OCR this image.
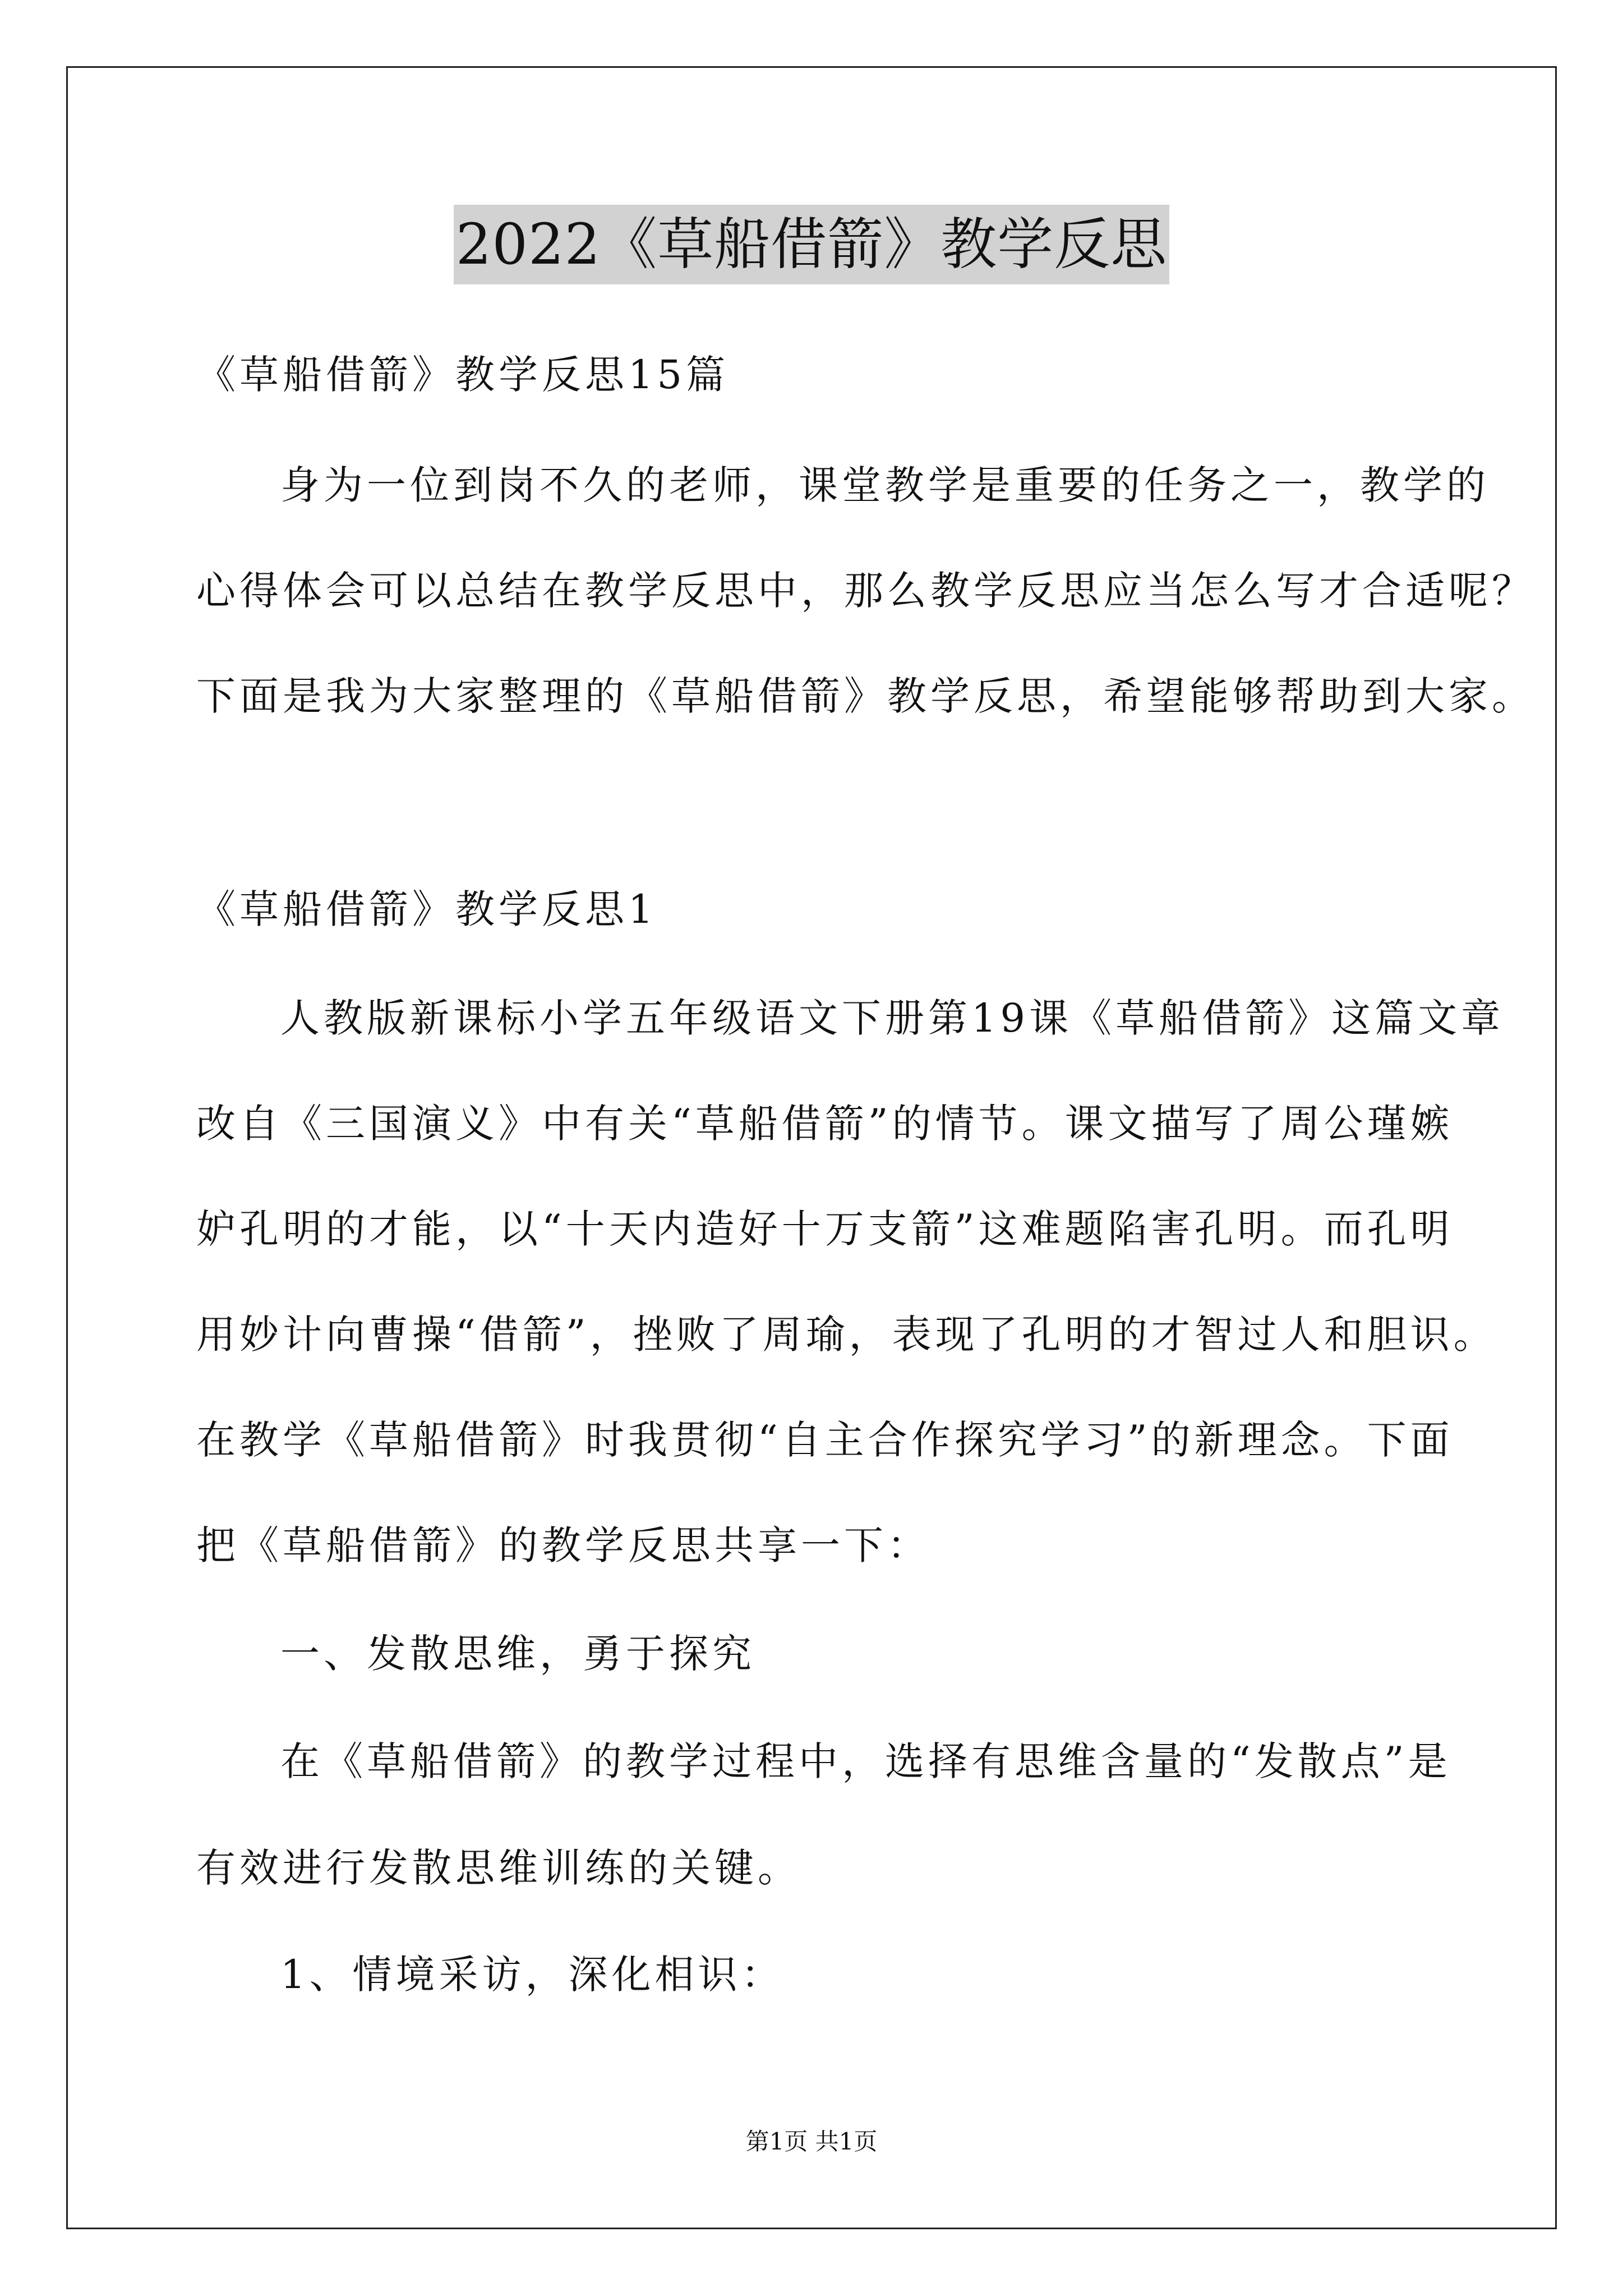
2022《草船借箭》教学反思
《草船借箭》教学反思15篇
身为一位到岗不久的老师，课堂教学是重要的任务之一，教学的
心得体会可以总结在教学反思中，那么教学反思应当怎么写才合适呢？
下面是我为大家整理的《草船借箭》教学反思，希望能够帮助到大家。
《草船借箭》教学反思1
人教版新课标小学五年级语文下册第19课《草船借箭》这篇文章
改自《三国演义》中有关“草船借箭”的情节。课文描写了周公瑾嫉
妒孔明的才能，以“十天内造好十万支箭”这难题陷害孔明。而孔明
用妙计向曹操“借箭”，挫败了周瑜，表现了孔明的才智过人和胆识。
在教学《草船借箭》时我贯彻“自主合作探究学习”的新理念。下面
把《草船借箭》的教学反思共享一下：
一、发散思维，勇于探究
在《草船借箭》的教学过程中，选择有思维含量的“发散点”是
有效进行发散思维训练的关键。
1、情境采访，深化相识：
第1页 共1页
